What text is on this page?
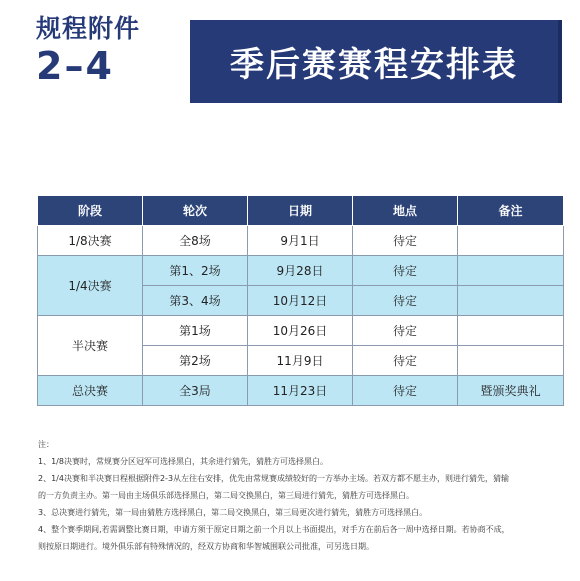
规程附件
2–4	季后赛赛程安排表
阶段	轮次	日期	地点	备注
1/8决赛	全8场	9月1日	待定	
1/4决赛	第1、2场	9月28日	待定	
	第3、4场	10月12日	待定	
半决赛	第1场	10月26日	待定	
	第2场	11月9日	待定	
总决赛	全3局	11月23日	待定	暨颁奖典礼

注：

1、1/8决赛时，常规赛分区冠军可选择黑白，其余进行猜先，猜胜方可选择黑白。

2、1/4决赛和半决赛日程根据附件2-3从左往右安排，优先由常规赛成绩较好的一方举办主场。若双方都不愿主办，则进行猜先，猜输

的一方负责主办。第一局由主场俱乐部选择黑白，第二局交换黑白，第三局进行猜先，猜胜方可选择黑白。

3、总决赛进行猜先，第一局由猜胜方选择黑白，第二局交换黑白，第三局更次进行猜先，猜胜方可选择黑白。

4、整个赛季期间,若需调整比赛日期，申请方须于原定日期之前一个月以上书面提出，对手方在前后各一周中选择日期。若协商不成，

则按原日期进行。境外俱乐部有特殊情况的，经双方协商和华智城围联公司批准，可另选日期。
